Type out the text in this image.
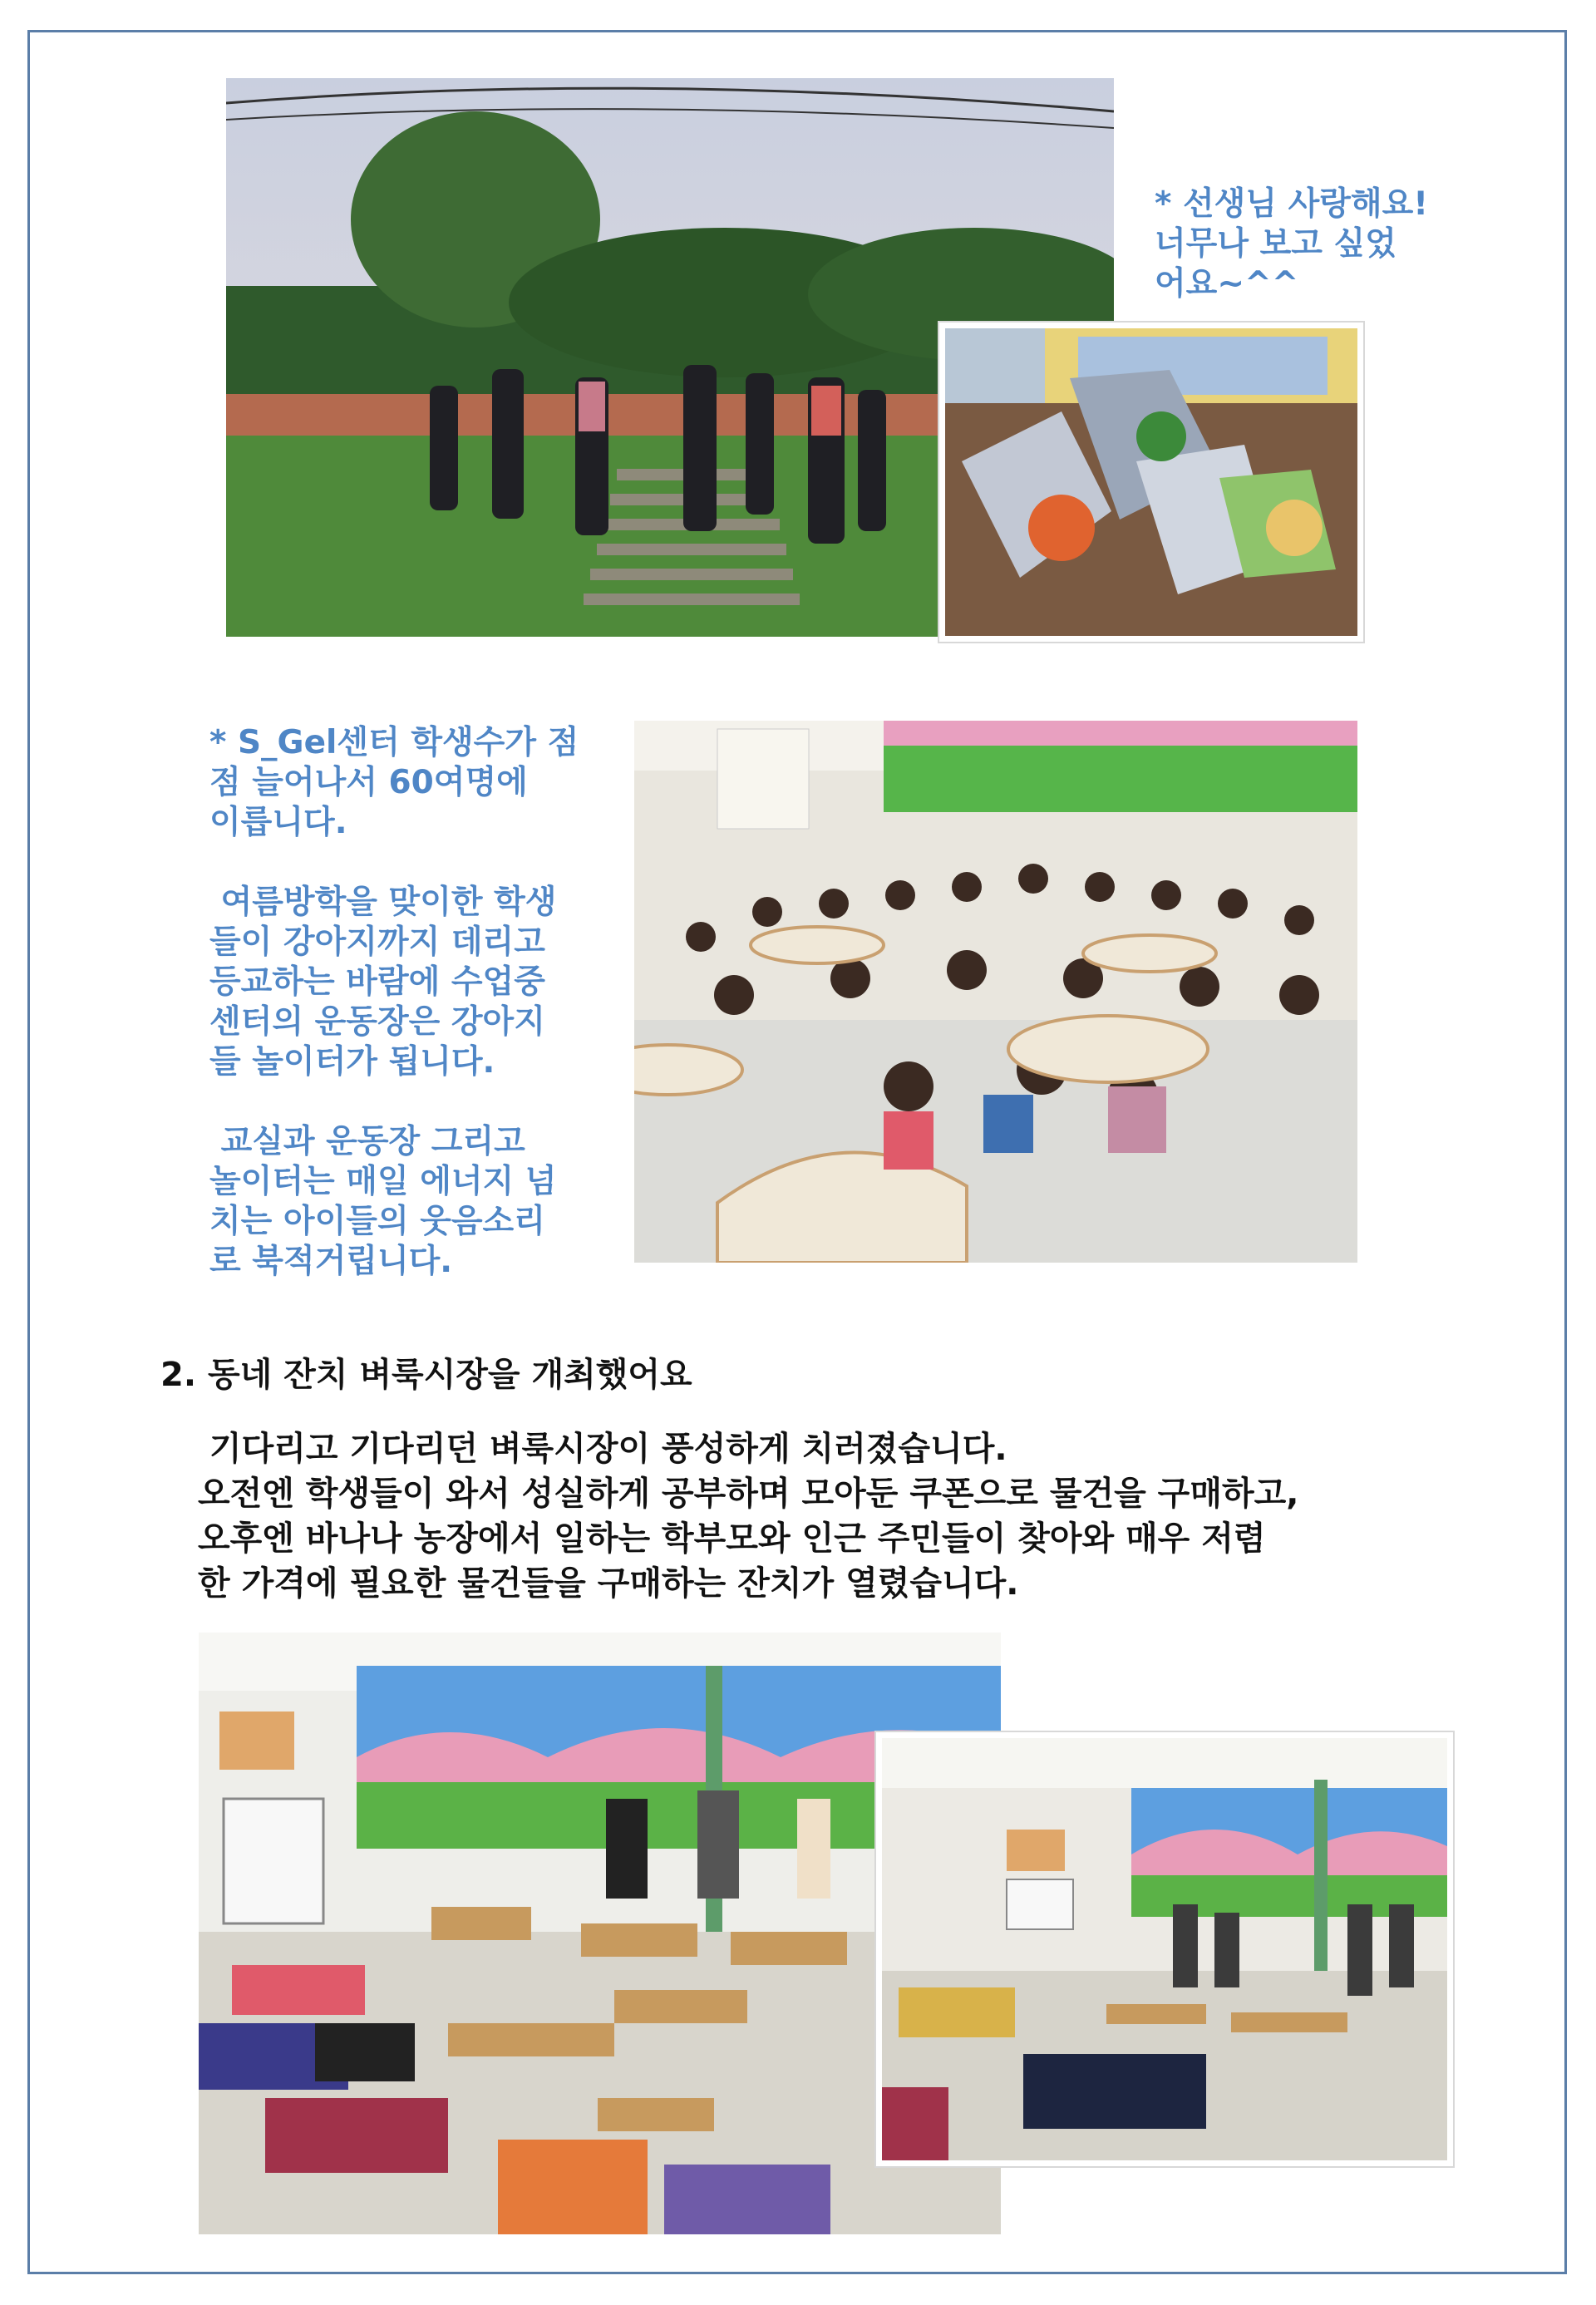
* 선생님 사랑해요!

너무나 보고 싶었

어요~^^

* S_Gel센터 학생수가 점

점 늘어나서 60여명에

이릅니다.

여름방학을 맞이한 학생

들이 강아지까지 데리고

등교하는 바람에 수업중

센터의 운동장은 강아지

들 놀이터가 됩니다.

교실과 운동장 그리고

놀이터는 매일 에너지 넘

치는 아이들의 웃음소리

로 북적거립니다.

2. 동네 잔치 벼룩시장을 개최했어요
기다리고 기다리던 벼룩시장이 풍성하게 치러졌습니다.
오전엔 학생들이 와서 성실하게 공부하며 모아둔 쿠폰으로 물건을 구매하고,
오후엔 바나나 농장에서 일하는 학부모와 인근 주민들이 찾아와 매우 저렴
한 가격에 필요한 물건들을 구매하는 잔치가 열렸습니다.
